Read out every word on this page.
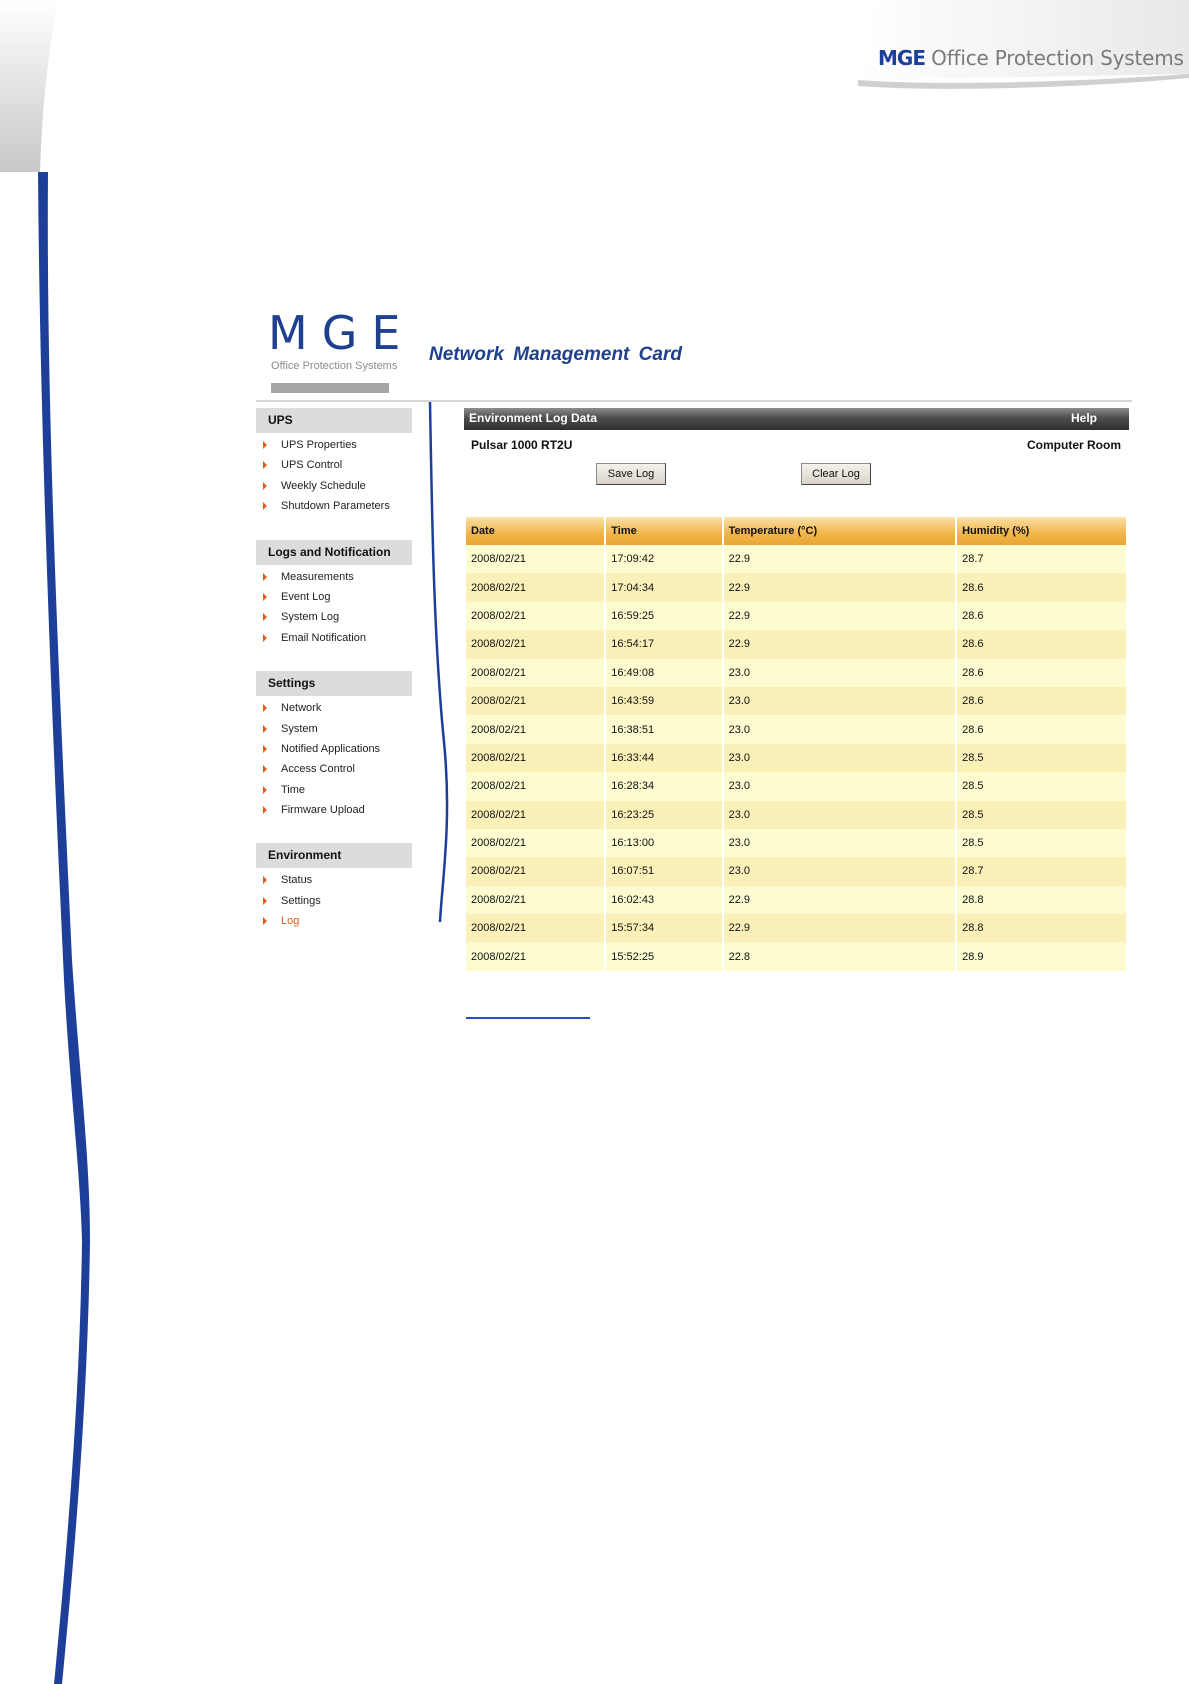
MGE Office Protection Systems
MGE
Office Protection Systems
Network Management Card
UPS
UPS Properties
UPS Control
Weekly Schedule
Shutdown Parameters
Logs and Notification
Measurements
Event Log
System Log
Email Notification
Settings
Network
System
Notified Applications
Access Control
Time
Firmware Upload
Environment
Status
Settings
Log
Environment Log Data	Help
Pulsar 1000 RT2U	Computer Room
Save Log	Clear Log
Date	Time	Temperature (°C)	Humidity (%)
2008/02/21	17:09:42	22.9	28.7
2008/02/21	17:04:34	22.9	28.6
2008/02/21	16:59:25	22.9	28.6
2008/02/21	16:54:17	22.9	28.6
2008/02/21	16:49:08	23.0	28.6
2008/02/21	16:43:59	23.0	28.6
2008/02/21	16:38:51	23.0	28.6
2008/02/21	16:33:44	23.0	28.5
2008/02/21	16:28:34	23.0	28.5
2008/02/21	16:23:25	23.0	28.5
2008/02/21	16:13:00	23.0	28.5
2008/02/21	16:07:51	23.0	28.7
2008/02/21	16:02:43	22.9	28.8
2008/02/21	15:57:34	22.9	28.8
2008/02/21	15:52:25	22.8	28.9
